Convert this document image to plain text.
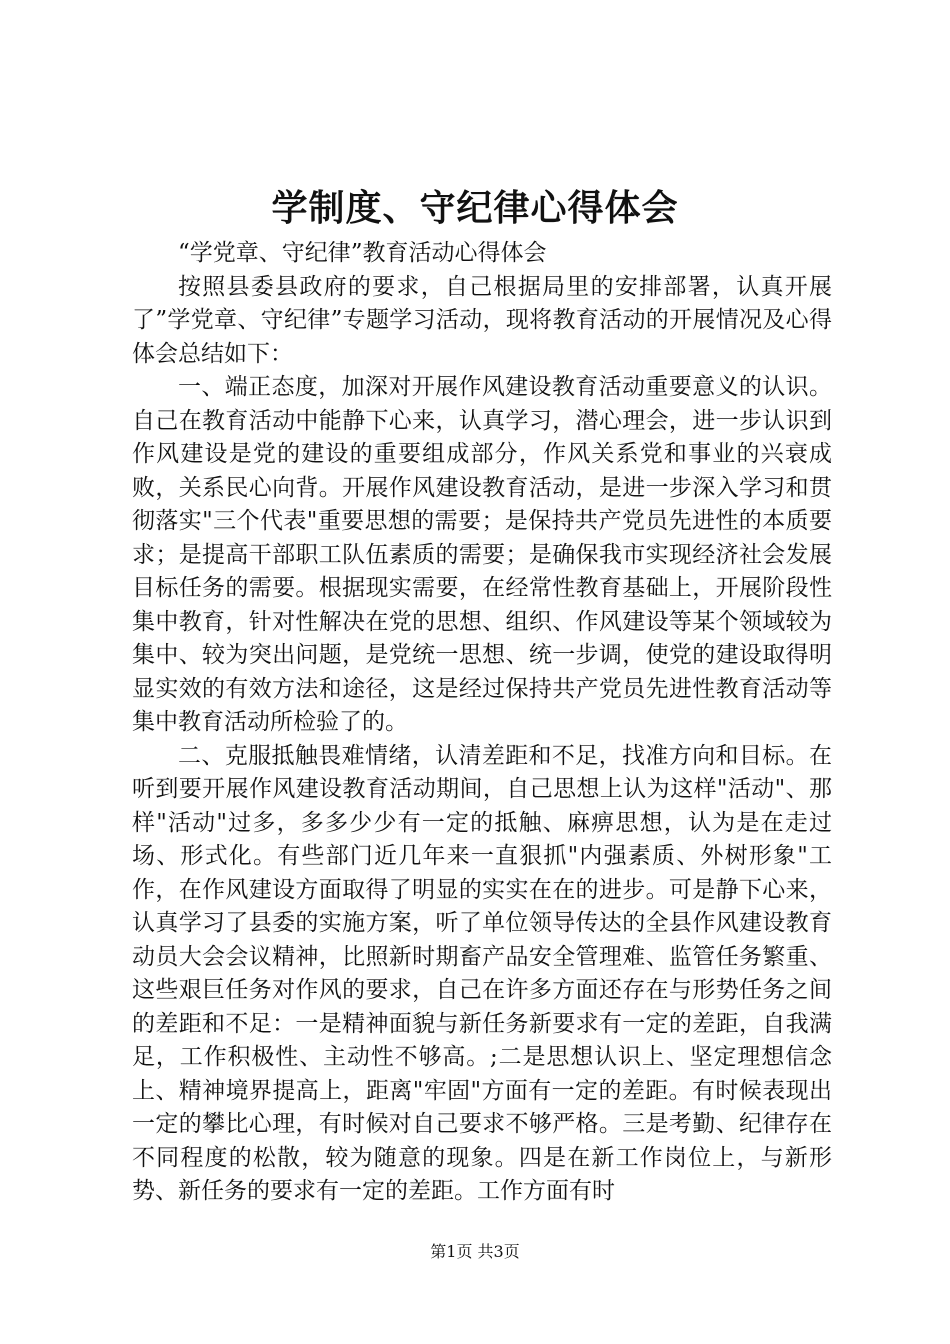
学制度、守纪律心得体会

“学党章、守纪律”教育活动心得体会

按照县委县政府的要求，自己根据局里的安排部署，认真开展了”学党章、守纪律”专题学习活动，现将教育活动的开展情况及心得体会总结如下：

一、端正态度，加深对开展作风建设教育活动重要意义的认识。自己在教育活动中能静下心来，认真学习，潜心理会，进一步认识到作风建设是党的建设的重要组成部分，作风关系党和事业的兴衰成败，关系民心向背。开展作风建设教育活动，是进一步深入学习和贯彻落实"三个代表"重要思想的需要；是保持共产党员先进性的本质要求；是提高干部职工队伍素质的需要；是确保我市实现经济社会发展目标任务的需要。根据现实需要，在经常性教育基础上，开展阶段性集中教育，针对性解决在党的思想、组织、作风建设等某个领域较为集中、较为突出问题，是党统一思想、统一步调，使党的建设取得明显实效的有效方法和途径，这是经过保持共产党员先进性教育活动等集中教育活动所检验了的。

二、克服抵触畏难情绪，认清差距和不足，找准方向和目标。在听到要开展作风建设教育活动期间，自己思想上认为这样"活动"、那样"活动"过多，多多少少有一定的抵触、麻痹思想，认为是在走过场、形式化。有些部门近几年来一直狠抓"内强素质、外树形象"工作，在作风建设方面取得了明显的实实在在的进步。可是静下心来，认真学习了县委的实施方案，听了单位领导传达的全县作风建设教育动员大会会议精神，比照新时期畜产品安全管理难、监管任务繁重、这些艰巨任务对作风的要求，自己在许多方面还存在与形势任务之间的差距和不足：一是精神面貌与新任务新要求有一定的差距，自我满足，工作积极性、主动性不够高。;二是思想认识上、坚定理想信念上、精神境界提高上，距离"牢固"方面有一定的差距。有时候表现出一定的攀比心理，有时候对自己要求不够严格。三是考勤、纪律存在不同程度的松散，较为随意的现象。四是在新工作岗位上，与新形势、新任务的要求有一定的差距。工作方面有时

第1页 共3页
